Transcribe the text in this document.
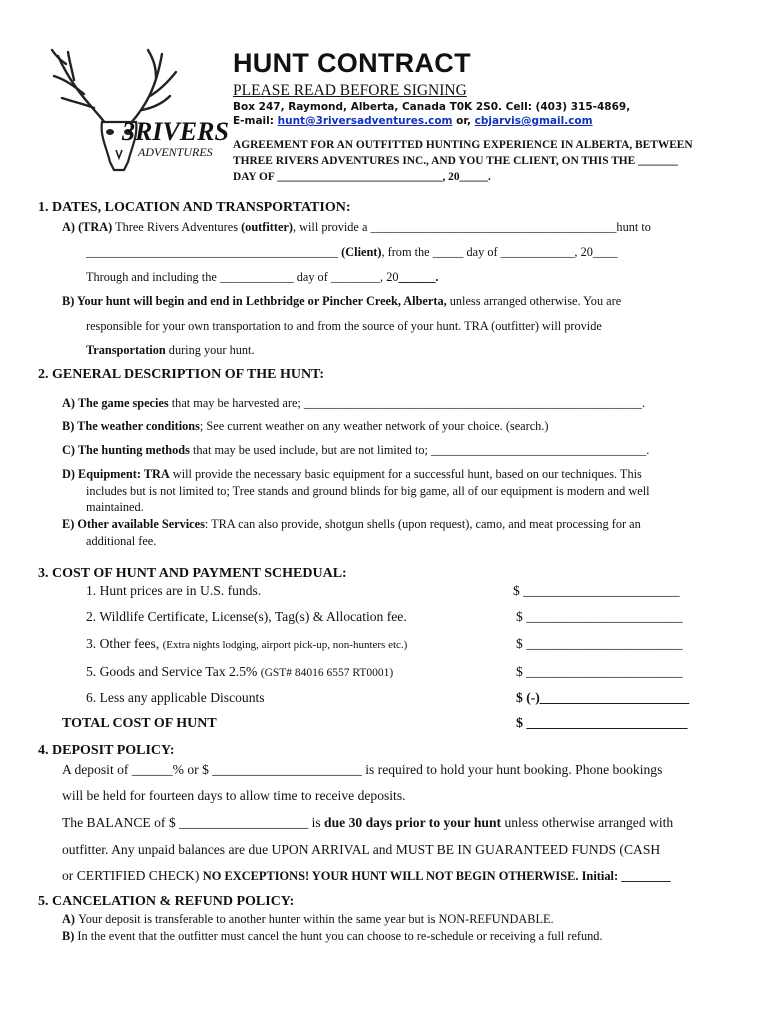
3RIVERS
ADVENTURES
HUNT CONTRACT
PLEASE READ BEFORE SIGNING
Box 247, Raymond, Alberta, Canada T0K 2S0. Cell: (403) 315-4869,
E-mail: hunt@3riversadventures.com or, cbjarvis@gmail.com
AGREEMENT FOR AN OUTFITTED HUNTING EXPERIENCE IN ALBERTA, BETWEEN
THREE RIVERS ADVENTURES INC., AND YOU THE CLIENT, ON THIS THE _______
DAY OF _____________________________, 20_____.
1. DATES, LOCATION AND TRANSPORTATION:
A) (TRA) Three Rivers Adventures (outfitter), will provide a ________________________________________hunt to
_________________________________________ (Client), from the _____ day of ____________, 20____
Through and including the ____________ day of ________, 20______.
B) Your hunt will begin and end in Lethbridge or Pincher Creek, Alberta, unless arranged otherwise. You are
responsible for your own transportation to and from the source of your hunt. TRA (outfitter) will provide
Transportation during your hunt.
2. GENERAL DESCRIPTION OF THE HUNT:
A) The game species that may be harvested are; _______________________________________________________.
B) The weather conditions; See current weather on any weather network of your choice. (search.)
C) The hunting methods that may be used include, but are not limited to; ___________________________________.
D) Equipment: TRA will provide the necessary basic equipment for a successful hunt, based on our techniques. This
includes but is not limited to; Tree stands and ground blinds for big game, all of our equipment is modern and well
maintained.
E) Other available Services: TRA can also provide, shotgun shells (upon request), camo, and meat processing for an
additional fee.
3. COST OF HUNT AND PAYMENT SCHEDUAL:
1. Hunt prices are in U.S. funds.	$ _______________________
2. Wildlife Certificate, License(s), Tag(s) & Allocation fee.	$ _______________________
3. Other fees, (Extra nights lodging, airport pick-up, non-hunters etc.)	$ _______________________
5. Goods and Service Tax 2.5% (GST# 84016 6557 RT0001)	$ _______________________
6. Less any applicable Discounts	$ (-)______________________
TOTAL COST OF HUNT	$ _______________________
4. DEPOSIT POLICY:
A deposit of ______% or $ ______________________ is required to hold your hunt booking. Phone bookings
will be held for fourteen days to allow time to receive deposits.
The BALANCE of $ ___________________ is due 30 days prior to your hunt unless otherwise arranged with
outfitter. Any unpaid balances are due UPON ARRIVAL and MUST BE IN GUARANTEED FUNDS (CASH
or CERTIFIED CHECK) NO EXCEPTIONS! YOUR HUNT WILL NOT BEGIN OTHERWISE. Initial: ________
5. CANCELATION & REFUND POLICY:
A) Your deposit is transferable to another hunter within the same year but is NON-REFUNDABLE.
B) In the event that the outfitter must cancel the hunt you can choose to re-schedule or receiving a full refund.
